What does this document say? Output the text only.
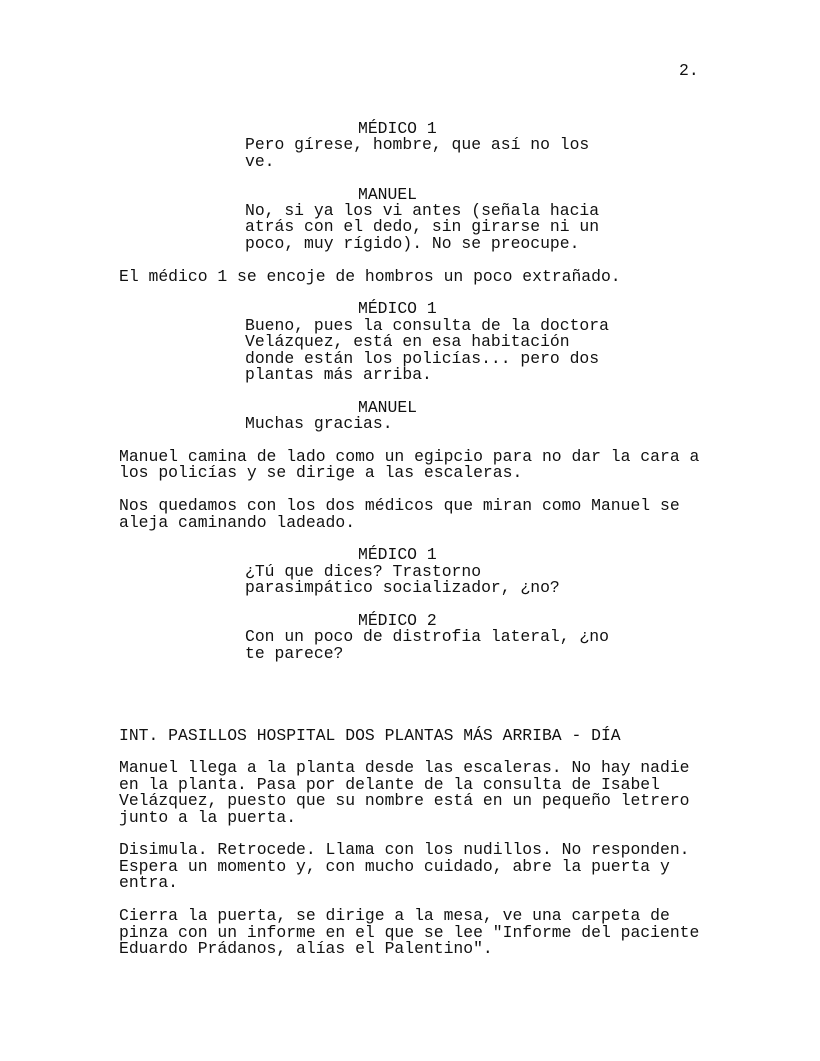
2.
MÉDICO 1
Pero gírese, hombre, que así no los
ve.
MANUEL
No, si ya los vi antes (señala hacia
atrás con el dedo, sin girarse ni un
poco, muy rígido). No se preocupe.
El médico 1 se encoje de hombros un poco extrañado.
MÉDICO 1
Bueno, pues la consulta de la doctora
Velázquez, está en esa habitación
donde están los policías... pero dos
plantas más arriba.
MANUEL
Muchas gracias.
Manuel camina de lado como un egipcio para no dar la cara a
los policías y se dirige a las escaleras.
Nos quedamos con los dos médicos que miran como Manuel se
aleja caminando ladeado.
MÉDICO 1
¿Tú que dices? Trastorno
parasimpático socializador, ¿no?
MÉDICO 2
Con un poco de distrofia lateral, ¿no
te parece?
INT. PASILLOS HOSPITAL DOS PLANTAS MÁS ARRIBA - DÍA
Manuel llega a la planta desde las escaleras. No hay nadie
en la planta. Pasa por delante de la consulta de Isabel
Velázquez, puesto que su nombre está en un pequeño letrero
junto a la puerta.
Disimula. Retrocede. Llama con los nudillos. No responden.
Espera un momento y, con mucho cuidado, abre la puerta y
entra.
Cierra la puerta, se dirige a la mesa, ve una carpeta de
pinza con un informe en el que se lee "Informe del paciente
Eduardo Prádanos, alías el Palentino".
